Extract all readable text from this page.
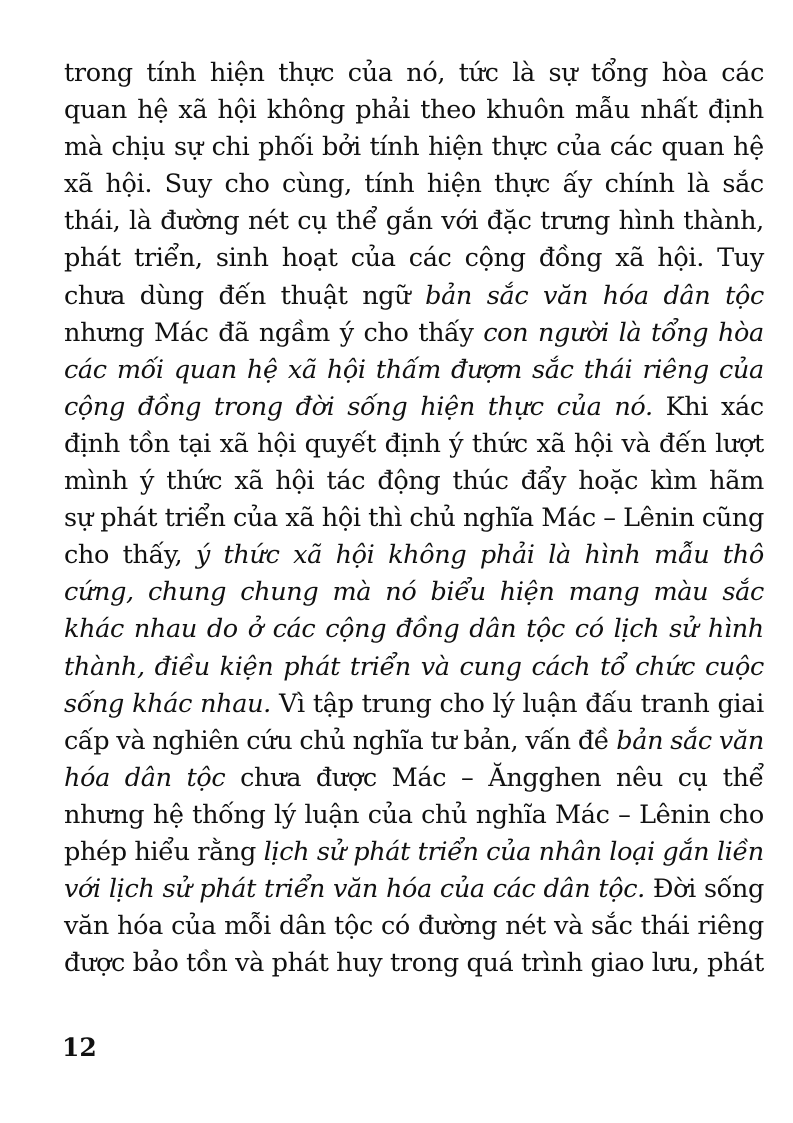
trong tính hiện thực của nó, tức là sự tổng hòa các
quan hệ xã hội không phải theo khuôn mẫu nhất định
mà chịu sự chi phối bởi tính hiện thực của các quan hệ
xã hội. Suy cho cùng, tính hiện thực ấy chính là sắc
thái, là đường nét cụ thể gắn với đặc trưng hình thành,
phát triển, sinh hoạt của các cộng đồng xã hội. Tuy
chưa dùng đến thuật ngữ bản sắc văn hóa dân tộc
nhưng Mác đã ngầm ý cho thấy con người là tổng hòa
các mối quan hệ xã hội thấm đượm sắc thái riêng của
cộng đồng trong đời sống hiện thực của nó. Khi xác
định tồn tại xã hội quyết định ý thức xã hội và đến lượt
mình ý thức xã hội tác động thúc đẩy hoặc kìm hãm
sự phát triển của xã hội thì chủ nghĩa Mác – Lênin cũng
cho thấy, ý thức xã hội không phải là hình mẫu thô
cứng, chung chung mà nó biểu hiện mang màu sắc
khác nhau do ở các cộng đồng dân tộc có lịch sử hình
thành, điều kiện phát triển và cung cách tổ chức cuộc
sống khác nhau. Vì tập trung cho lý luận đấu tranh giai
cấp và nghiên cứu chủ nghĩa tư bản, vấn đề bản sắc văn
hóa dân tộc chưa được Mác – Ăngghen nêu cụ thể
nhưng hệ thống lý luận của chủ nghĩa Mác – Lênin cho
phép hiểu rằng lịch sử phát triển của nhân loại gắn liền
với lịch sử phát triển văn hóa của các dân tộc. Đời sống
văn hóa của mỗi dân tộc có đường nét và sắc thái riêng
được bảo tồn và phát huy trong quá trình giao lưu, phát
12
